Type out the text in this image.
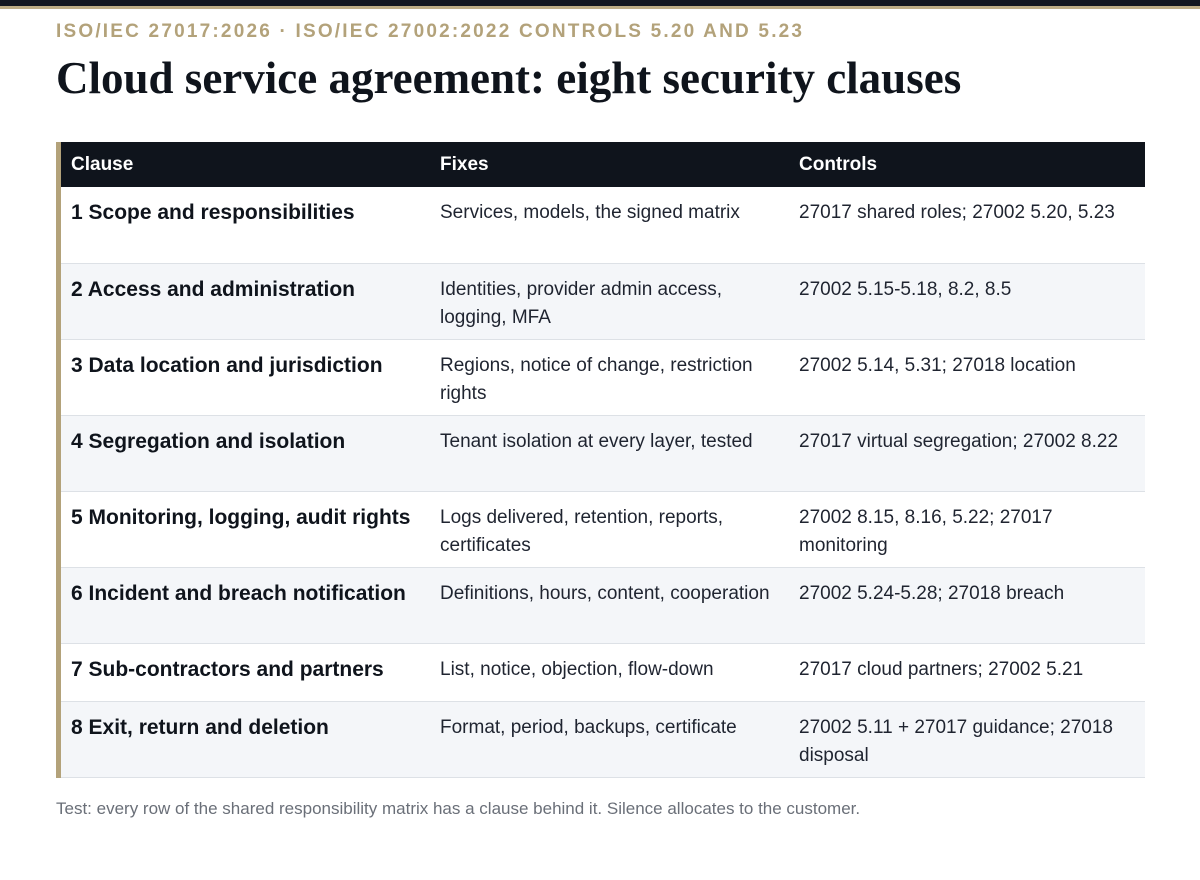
ISO/IEC 27017:2026 · ISO/IEC 27002:2022 CONTROLS 5.20 AND 5.23
Cloud service agreement: eight security clauses
Clause	Fixes	Controls
1 Scope and responsibilities	Services, models, the signed matrix	27017 shared roles; 27002 5.20, 5.23
2 Access and administration	Identities, provider admin access, logging, MFA	27002 5.15-5.18, 8.2, 8.5
3 Data location and jurisdiction	Regions, notice of change, restriction rights	27002 5.14, 5.31; 27018 location
4 Segregation and isolation	Tenant isolation at every layer, tested	27017 virtual segregation; 27002 8.22
5 Monitoring, logging, audit rights	Logs delivered, retention, reports, certificates	27002 8.15, 8.16, 5.22; 27017 monitoring
6 Incident and breach notification	Definitions, hours, content, cooperation	27002 5.24-5.28; 27018 breach
7 Sub-contractors and partners	List, notice, objection, flow-down	27017 cloud partners; 27002 5.21
8 Exit, return and deletion	Format, period, backups, certificate	27002 5.11 + 27017 guidance; 27018 disposal
Test: every row of the shared responsibility matrix has a clause behind it. Silence allocates to the customer.
